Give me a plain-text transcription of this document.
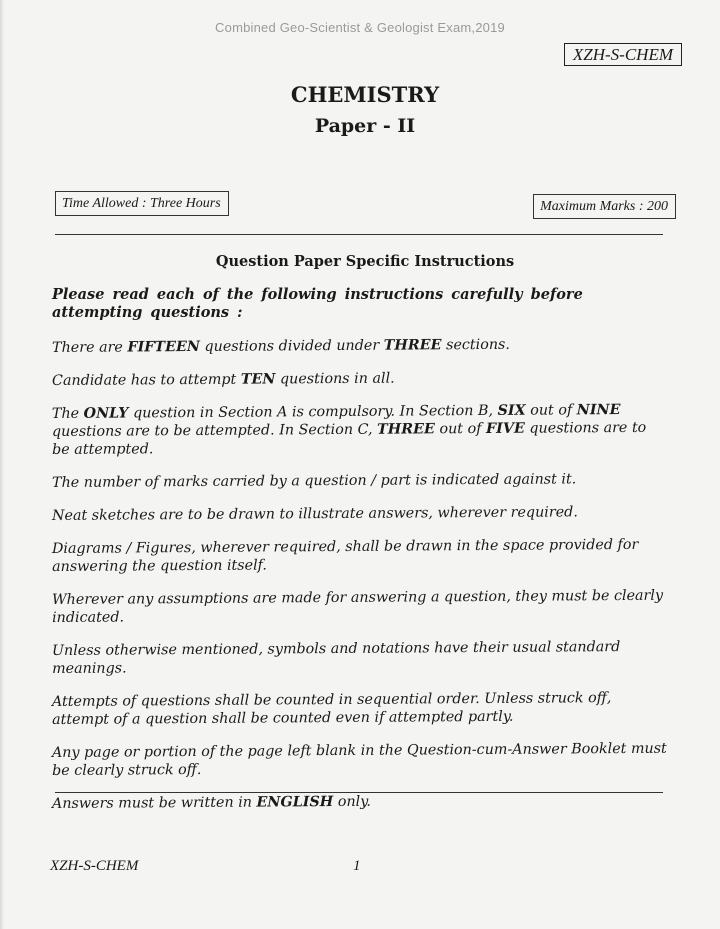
Combined Geo-Scientist & Geologist Exam,2019
XZH-S-CHEM
CHEMISTRY
Paper - II
Time Allowed : Three Hours	Maximum Marks : 200
Question Paper Specific Instructions
Please read each of the following instructions carefully before attempting questions :
There are FIFTEEN questions divided under THREE sections.
Candidate has to attempt TEN questions in all.
The ONLY question in Section A is compulsory. In Section B, SIX out of NINE questions are to be attempted. In Section C, THREE out of FIVE questions are to be attempted.
The number of marks carried by a question / part is indicated against it.
Neat sketches are to be drawn to illustrate answers, wherever required.
Diagrams / Figures, wherever required, shall be drawn in the space provided for answering the question itself.
Wherever any assumptions are made for answering a question, they must be clearly indicated.
Unless otherwise mentioned, symbols and notations have their usual standard meanings.
Attempts of questions shall be counted in sequential order. Unless struck off, attempt of a question shall be counted even if attempted partly.
Any page or portion of the page left blank in the Question-cum-Answer Booklet must be clearly struck off.
Answers must be written in ENGLISH only.
XZH-S-CHEM	1
